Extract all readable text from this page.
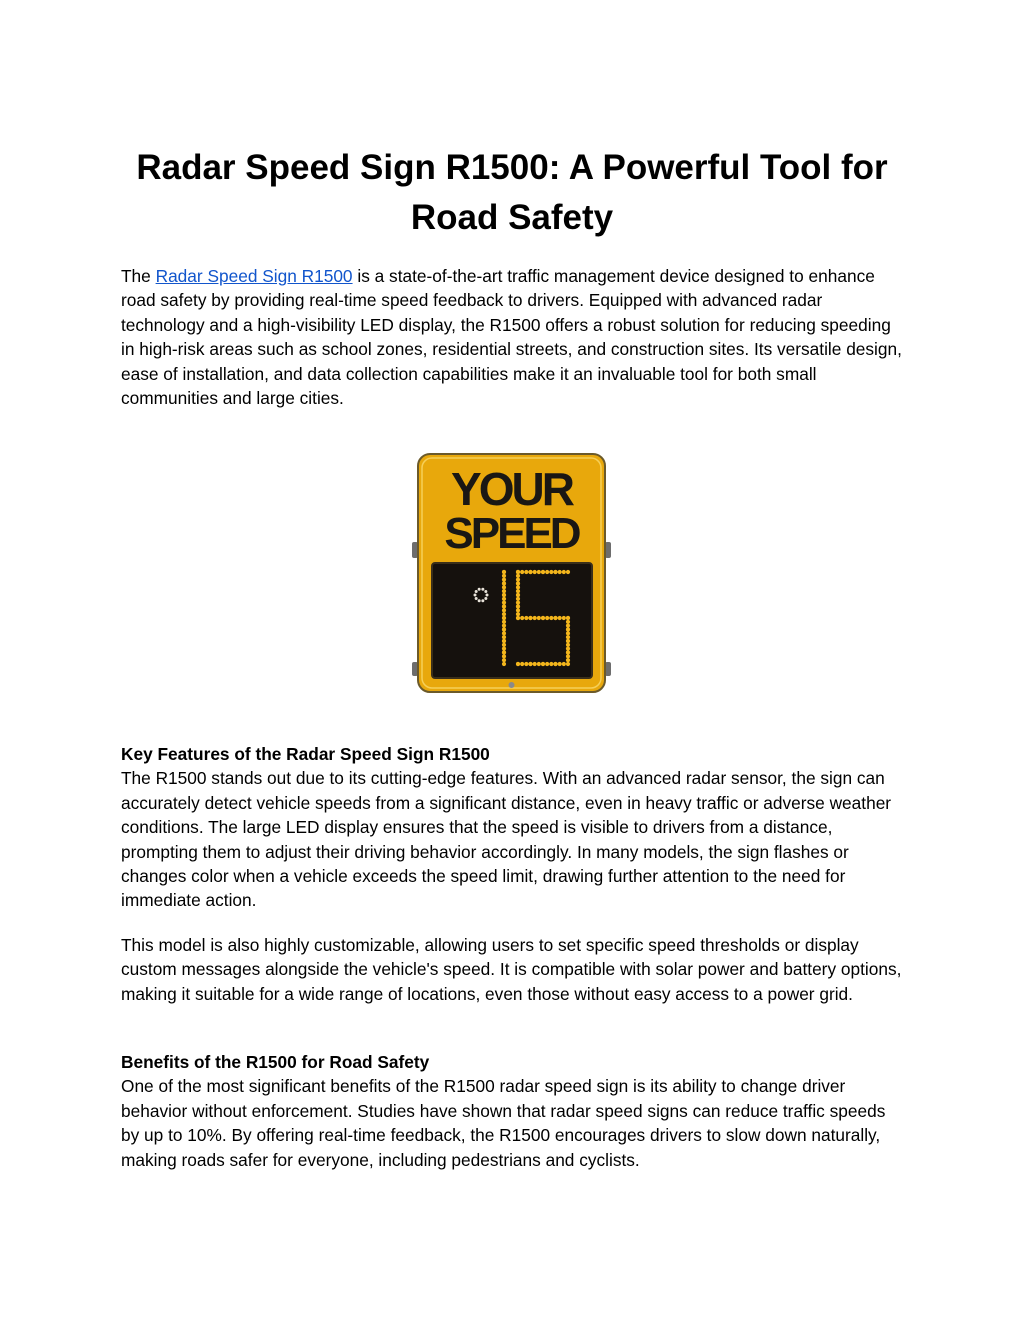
Radar Speed Sign R1500: A Powerful Tool for Road Safety

The Radar Speed Sign R1500 is a state-of-the-art traffic management device designed to enhance road safety by providing real-time speed feedback to drivers. Equipped with advanced radar technology and a high-visibility LED display, the R1500 offers a robust solution for reducing speeding in high-risk areas such as school zones, residential streets, and construction sites. Its versatile design, ease of installation, and data collection capabilities make it an invaluable tool for both small communities and large cities.

Key Features of the Radar Speed Sign R1500
The R1500 stands out due to its cutting-edge features. With an advanced radar sensor, the sign can accurately detect vehicle speeds from a significant distance, even in heavy traffic or adverse weather conditions. The large LED display ensures that the speed is visible to drivers from a distance, prompting them to adjust their driving behavior accordingly. In many models, the sign flashes or changes color when a vehicle exceeds the speed limit, drawing further attention to the need for immediate action.

This model is also highly customizable, allowing users to set specific speed thresholds or display custom messages alongside the vehicle's speed. It is compatible with solar power and battery options, making it suitable for a wide range of locations, even those without easy access to a power grid.

Benefits of the R1500 for Road Safety
One of the most significant benefits of the R1500 radar speed sign is its ability to change driver behavior without enforcement. Studies have shown that radar speed signs can reduce traffic speeds by up to 10%. By offering real-time feedback, the R1500 encourages drivers to slow down naturally, making roads safer for everyone, including pedestrians and cyclists.

YOUR
SPEED
